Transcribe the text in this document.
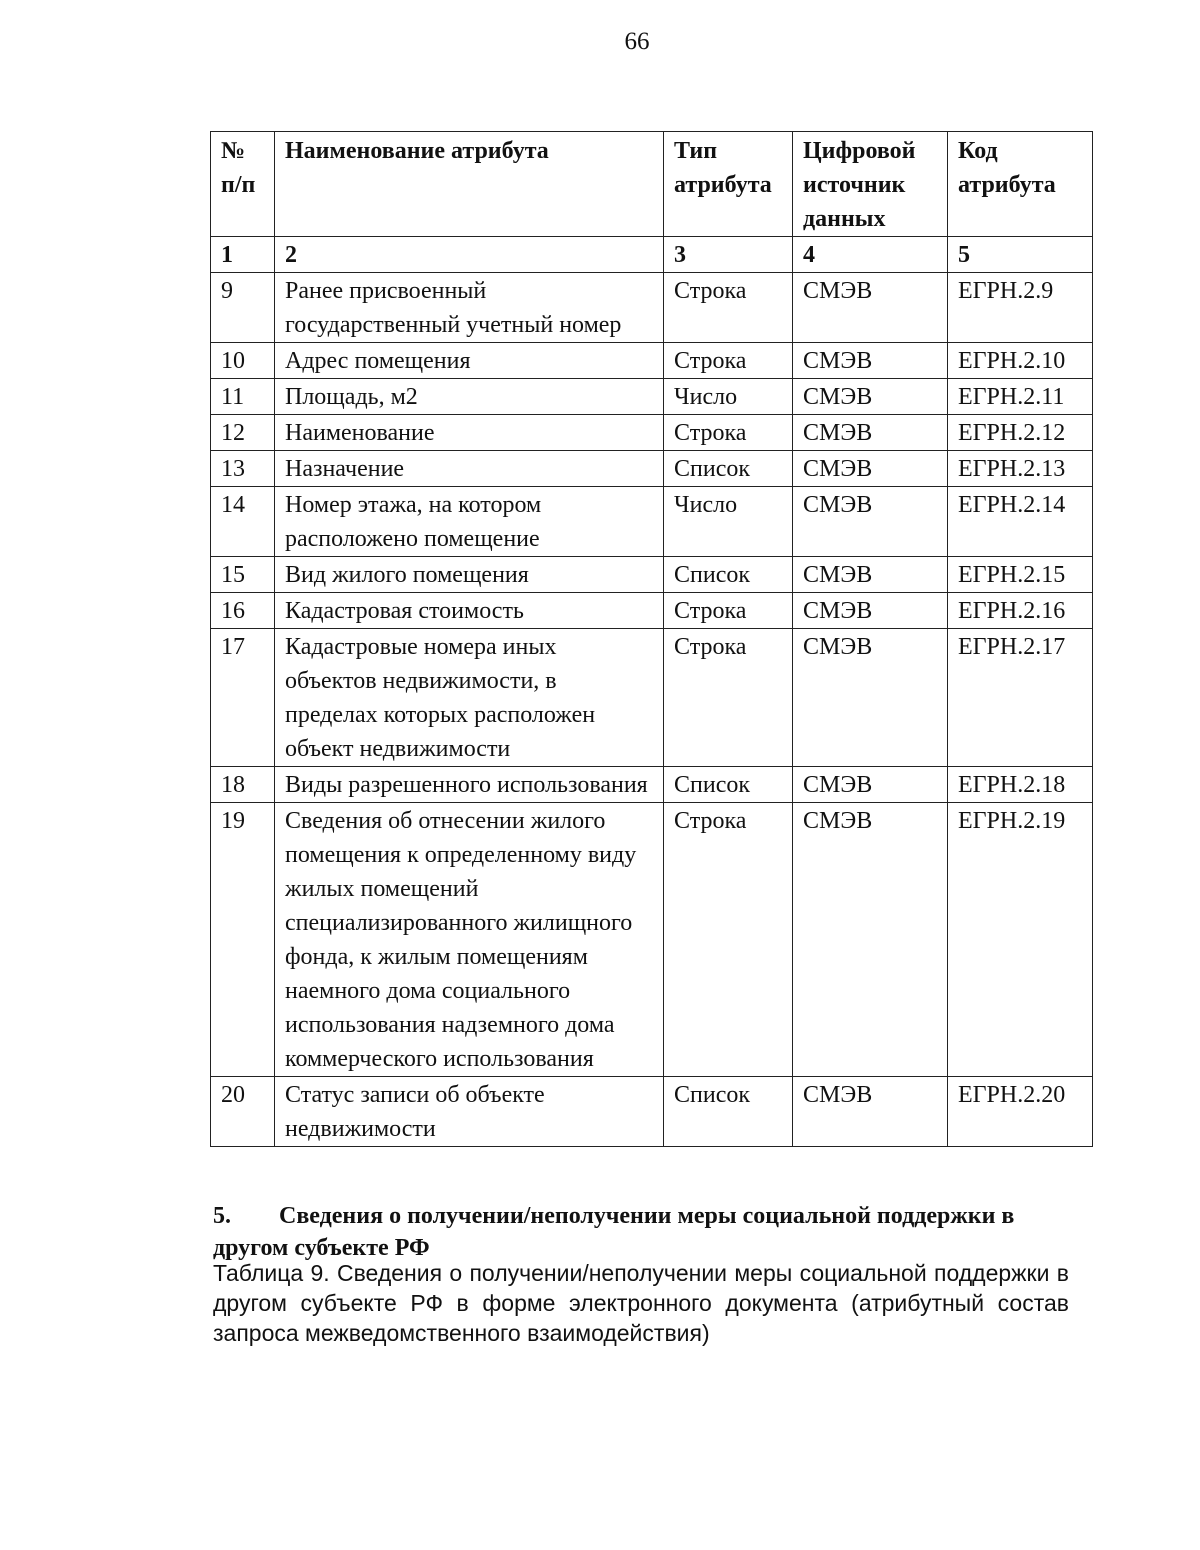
66
№ п/п	Наименование атрибута	Тип атрибута	Цифровой источник данных	Код атрибута
1	2	3	4	5
9	Ранее присвоенный государственный учетный номер	Строка	СМЭВ	ЕГРН.2.9
10	Адрес помещения	Строка	СМЭВ	ЕГРН.2.10
11	Площадь, м2	Число	СМЭВ	ЕГРН.2.11
12	Наименование	Строка	СМЭВ	ЕГРН.2.12
13	Назначение	Список	СМЭВ	ЕГРН.2.13
14	Номер этажа, на котором расположено помещение	Число	СМЭВ	ЕГРН.2.14
15	Вид жилого помещения	Список	СМЭВ	ЕГРН.2.15
16	Кадастровая стоимость	Строка	СМЭВ	ЕГРН.2.16
17	Кадастровые номера иных объектов недвижимости, в пределах которых расположен объект недвижимости	Строка	СМЭВ	ЕГРН.2.17
18	Виды разрешенного использования	Список	СМЭВ	ЕГРН.2.18
19	Сведения об отнесении жилого помещения к определенному виду жилых помещений специализированного жилищного фонда, к жилым помещениям наемного дома социального использования надземного дома коммерческого использования	Строка	СМЭВ	ЕГРН.2.19
20	Статус записи об объекте недвижимости	Список	СМЭВ	ЕГРН.2.20
5. Сведения о получении/неполучении меры социальной поддержки в другом субъекте РФ
Таблица 9. Сведения о получении/неполучении меры социальной поддержки в другом субъекте РФ в форме электронного документа (атрибутный состав запроса межведомственного взаимодействия)
